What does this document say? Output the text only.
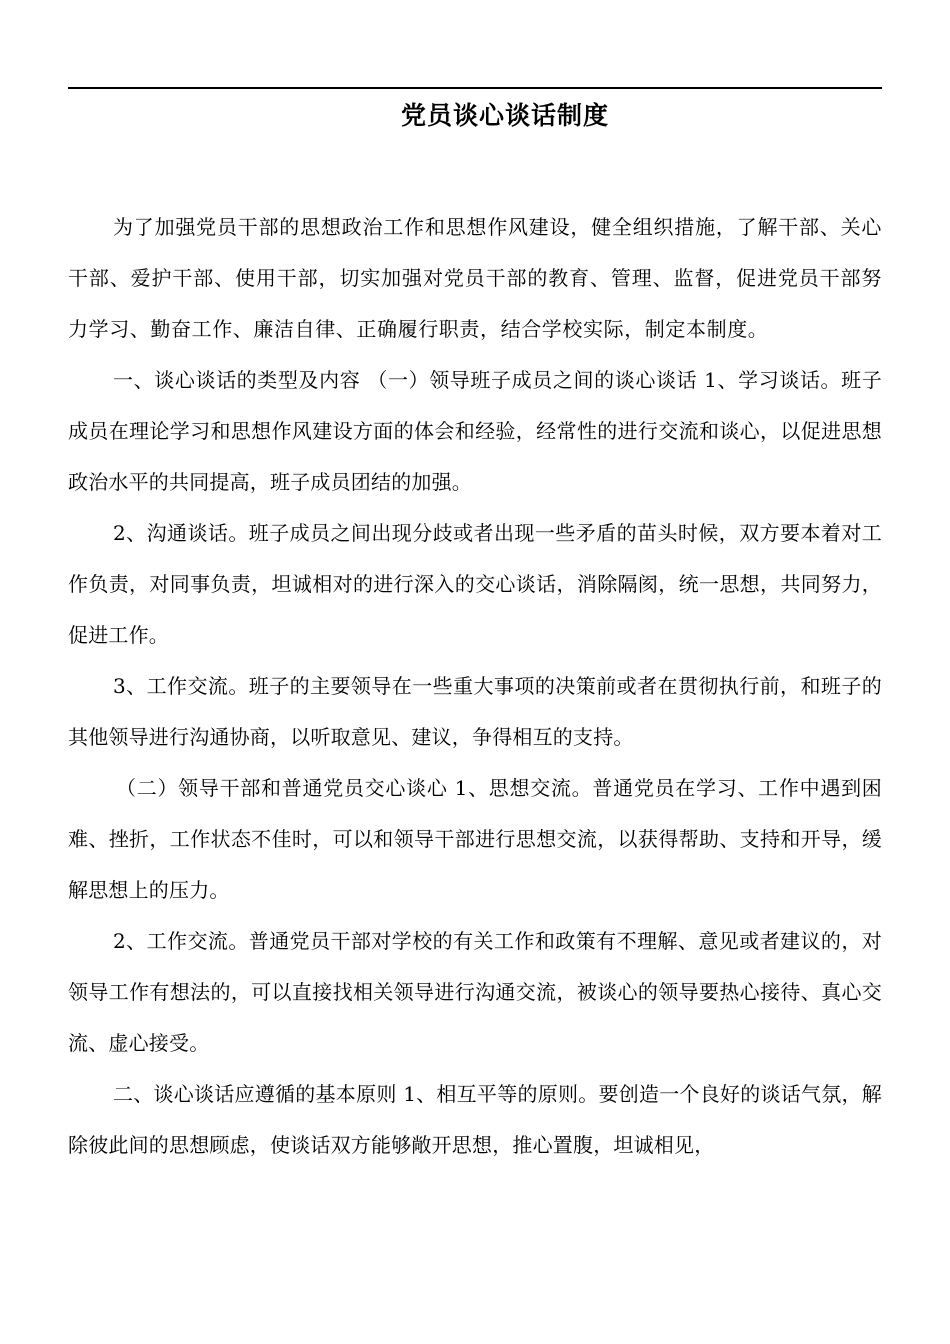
党员谈心谈话制度

为了加强党员干部的思想政治工作和思想作风建设，健全组织措施，了解干部、关心干部、爱护干部、使用干部，切实加强对党员干部的教育、管理、监督，促进党员干部努力学习、勤奋工作、廉洁自律、正确履行职责，结合学校实际，制定本制度。

一、谈心谈话的类型及内容 （一）领导班子成员之间的谈心谈话 1、学习谈话。班子成员在理论学习和思想作风建设方面的体会和经验，经常性的进行交流和谈心，以促进思想政治水平的共同提高，班子成员团结的加强。

2、沟通谈话。班子成员之间出现分歧或者出现一些矛盾的苗头时候，双方要本着对工作负责，对同事负责，坦诚相对的进行深入的交心谈话，消除隔阂，统一思想，共同努力，促进工作。

3、工作交流。班子的主要领导在一些重大事项的决策前或者在贯彻执行前，和班子的其他领导进行沟通协商，以听取意见、建议，争得相互的支持。

（二）领导干部和普通党员交心谈心 1、思想交流。普通党员在学习、工作中遇到困难、挫折，工作状态不佳时，可以和领导干部进行思想交流，以获得帮助、支持和开导，缓解思想上的压力。

2、工作交流。普通党员干部对学校的有关工作和政策有不理解、意见或者建议的，对领导工作有想法的，可以直接找相关领导进行沟通交流，被谈心的领导要热心接待、真心交流、虚心接受。

二、谈心谈话应遵循的基本原则 1、相互平等的原则。要创造一个良好的谈话气氛，解除彼此间的思想顾虑，使谈话双方能够敞开思想，推心置腹，坦诚相见，
